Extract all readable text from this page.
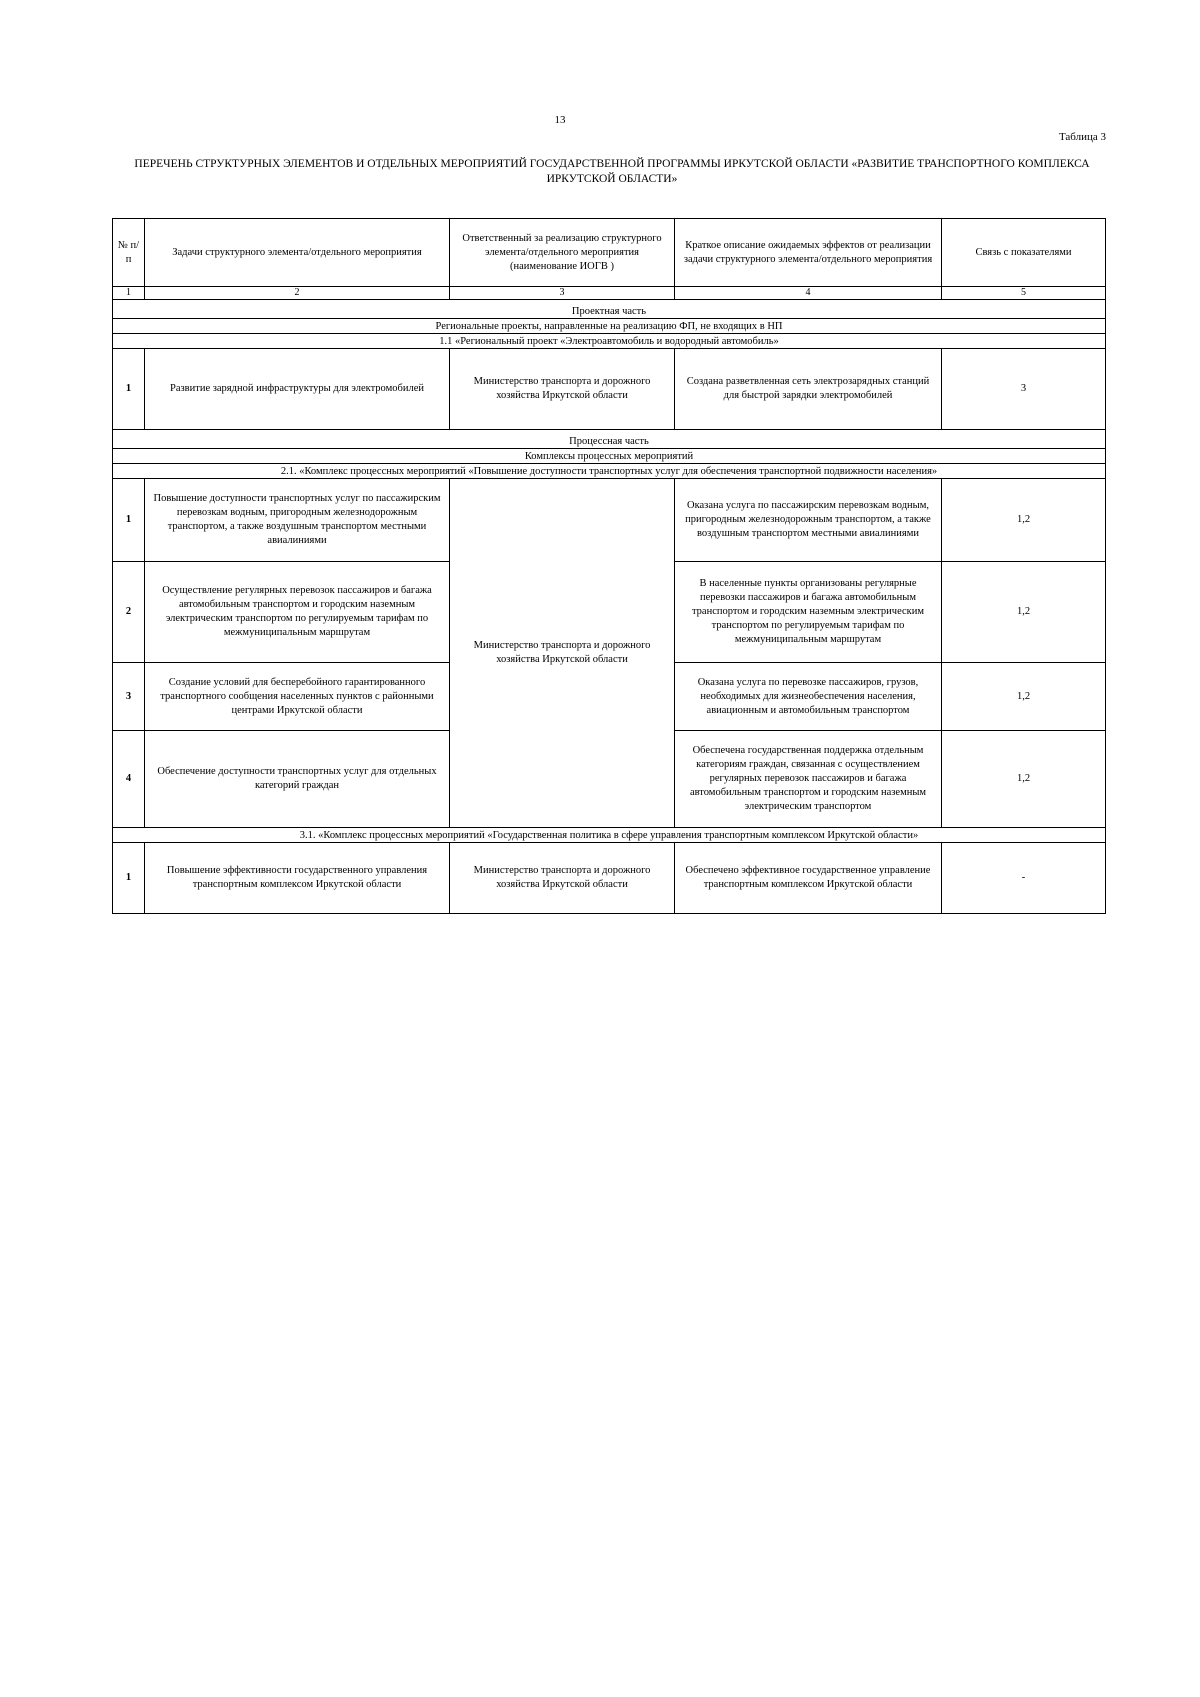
13
Таблица 3
ПЕРЕЧЕНЬ СТРУКТУРНЫХ ЭЛЕМЕНТОВ И ОТДЕЛЬНЫХ МЕРОПРИЯТИЙ ГОСУДАРСТВЕННОЙ ПРОГРАММЫ ИРКУТСКОЙ ОБЛАСТИ «РАЗВИТИЕ ТРАНСПОРТНОГО КОМПЛЕКСА ИРКУТСКОЙ ОБЛАСТИ»
№ п/п	Задачи структурного элемента/отдельного мероприятия	Ответственный за реализацию структурного элемента/отдельного мероприятия (наименование ИОГВ )	Краткое описание ожидаемых эффектов от реализации задачи структурного элемента/отдельного мероприятия	Связь с показателями
1	2	3	4	5
Проектная часть				
Региональные проекты, направленные на реализацию ФП, не входящих в НП				
1.1 «Региональный проект «Электроавтомобиль и водородный автомобиль»				
1	Развитие зарядной инфраструктуры для электромобилей	Министерство транспорта и дорожного хозяйства Иркутской области	Создана разветвленная сеть электрозарядных станций для быстрой зарядки электромобилей	3
Процессная часть				
Комплексы процессных мероприятий				
2.1. «Комплекс процессных мероприятий «Повышение доступности транспортных услуг для обеспечения транспортной подвижности населения»				
1	Повышение доступности транспортных услуг по пассажирским перевозкам водным, пригородным железнодорожным транспортом, а также воздушным транспортом местными авиалиниями	Министерство транспорта и дорожного хозяйства Иркутской области	Оказана услуга по пассажирским перевозкам водным, пригородным железнодорожным транспортом, а также воздушным транспортом местными авиалиниями	1,2
2	Осуществление регулярных перевозок пассажиров и багажа автомобильным транспортом и городским наземным электрическим транспортом по регулируемым тарифам по межмуниципальным маршрутам		В населенные пункты организованы регулярные перевозки пассажиров и багажа автомобильным транспортом и городским наземным электрическим транспортом по регулируемым тарифам по межмуниципальным маршрутам	1,2
3	Создание условий для бесперебойного гарантированного транспортного сообщения населенных пунктов с районными центрами Иркутской области		Оказана услуга по перевозке пассажиров, грузов, необходимых для жизнеобеспечения населения, авиационным и автомобильным транспортом	1,2
4	Обеспечение доступности транспортных услуг для отдельных категорий граждан		Обеспечена государственная поддержка отдельным категориям граждан, связанная с осуществлением регулярных перевозок пассажиров и багажа автомобильным транспортом и городским наземным электрическим транспортом	1,2
3.1. «Комплекс процессных мероприятий «Государственная политика в сфере управления транспортным комплексом Иркутской области»				
1	Повышение эффективности государственного управления транспортным комплексом Иркутской области	Министерство транспорта и дорожного хозяйства Иркутской области	Обеспечено эффективное государственное управление транспортным комплексом Иркутской области	-
